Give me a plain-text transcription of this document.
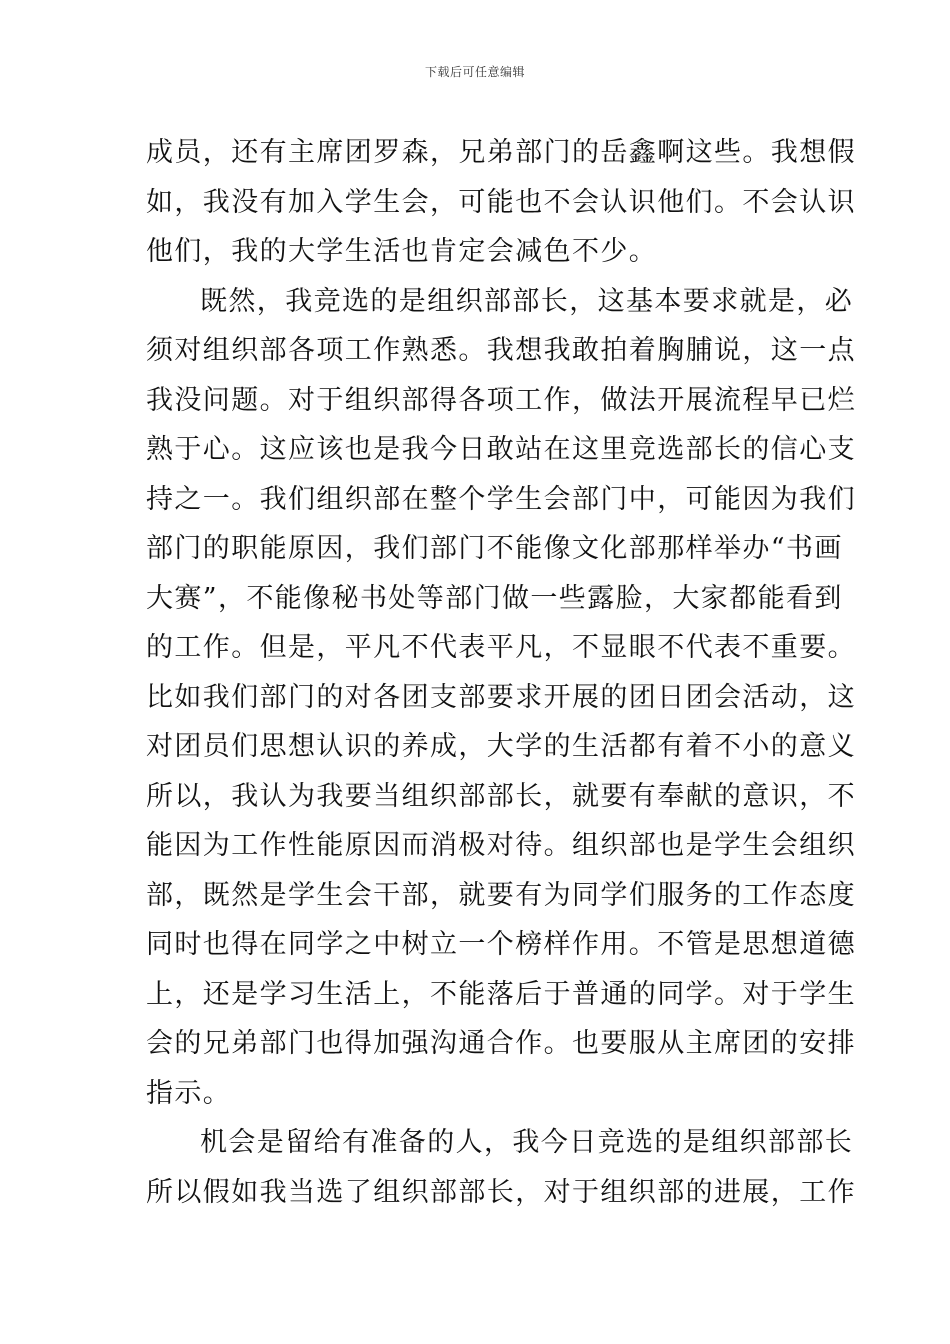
下载后可任意编辑
成员，还有主席团罗森，兄弟部门的岳鑫啊这些。我想假
如，我没有加入学生会，可能也不会认识他们。不会认识
他们，我的大学生活也肯定会减色不少。
既然，我竞选的是组织部部长，这基本要求就是，必
须对组织部各项工作熟悉。我想我敢拍着胸脯说，这一点
我没问题。对于组织部得各项工作，做法开展流程早已烂
熟于心。这应该也是我今日敢站在这里竞选部长的信心支
持之一。我们组织部在整个学生会部门中，可能因为我们
部门的职能原因，我们部门不能像文化部那样举办“书画
大赛”，不能像秘书处等部门做一些露脸，大家都能看到
的工作。但是，平凡不代表平凡，不显眼不代表不重要。
比如我们部门的对各团支部要求开展的团日团会活动，这
对团员们思想认识的养成，大学的生活都有着不小的意义
所以，我认为我要当组织部部长，就要有奉献的意识，不
能因为工作性能原因而消极对待。组织部也是学生会组织
部，既然是学生会干部，就要有为同学们服务的工作态度
同时也得在同学之中树立一个榜样作用。不管是思想道德
上，还是学习生活上，不能落后于普通的同学。对于学生
会的兄弟部门也得加强沟通合作。也要服从主席团的安排
指示。
机会是留给有准备的人，我今日竞选的是组织部部长
所以假如我当选了组织部部长，对于组织部的进展，工作
